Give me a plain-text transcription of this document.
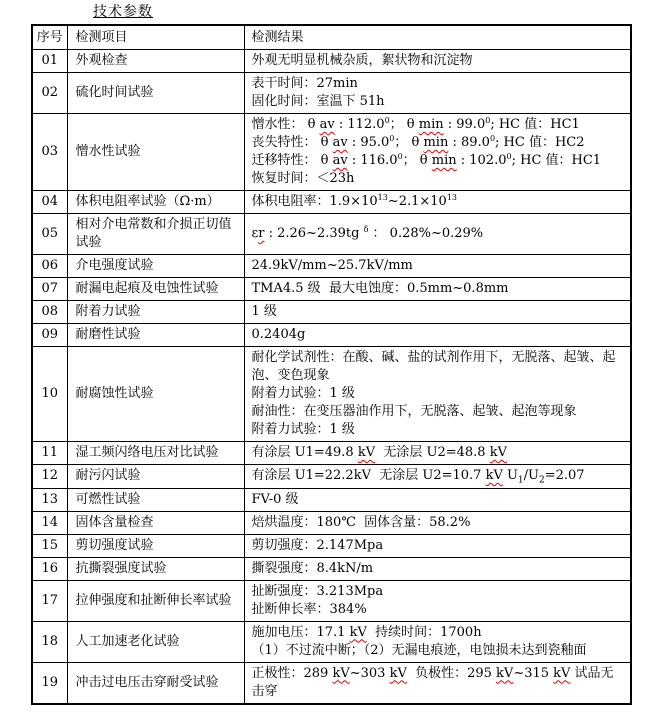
技术参数
序号	检测项目	检测结果
01	外观检查	外观无明显机械杂质，絮状物和沉淀物

02	硫化时间试验	表干时间：27min
固化时间：室温下 51h

03	憎水性试验	憎水性： θ av : 112.0$^0$； θ min : 99.0$^0$; HC 值：HC1
丧失特性： θ av : 95.0$^0$； θ min : 89.0$^0$; HC 值：HC2
迁移特性： θ av : 116.0$^0$； θ min : 102.0$^0$; HC 值：HC1
恢复时间：＜23h

04	体积电阻率试验（Ω·m）	体积电阻率：$1.9\times 10^{13}\sim 2.1\times 10^{13}$

05	相对介电常数和介损正切值试验	εr : 2.26~2.39tg $^\delta$ ： 0.28%~0.29%

06	介电强度试验	24.9kV/mm~25.7kV/mm

07	耐漏电起痕及电蚀性试验	TMA4.5 级  最大电蚀度：0.5mm~0.8mm

08	附着力试验	1 级

09	耐磨性试验	0.2404g

10	耐腐蚀性试验	耐化学试剂性：在酸、碱、盐的试剂作用下，无脱落、起皱、起泡、变色现象
附着力试验：1 级
耐油性：在变压器油作用下，无脱落、起皱、起泡等现象
附着力试验：1 级

11	湿工频闪络电压对比试验	有涂层 U1=49.8 kV  无涂层 U2=48.8 kV

12	耐污闪试验	有涂层 U1=22.2kV  无涂层 U2=10.7 kV $U_1/U_2=2.07$

13	可燃性试验	FV-0 级

14	固体含量检查	焙烘温度：180℃  固体含量：58.2%

15	剪切强度试验	剪切强度：2.147Mpa

16	抗撕裂强度试验	撕裂强度：8.4kN/m

17	拉伸强度和扯断伸长率试验	扯断强度：3.213Mpa
扯断伸长率：384%

18	人工加速老化试验	施加电压：17.1 kV  持续时间：1700h
（1）不过流中断；（2）无漏电痕迹，电蚀损未达到瓷釉面

19	冲击过电压击穿耐受试验	正极性：289 kV~303 kV  负极性：295 kV~315 kV 试品无击穿
